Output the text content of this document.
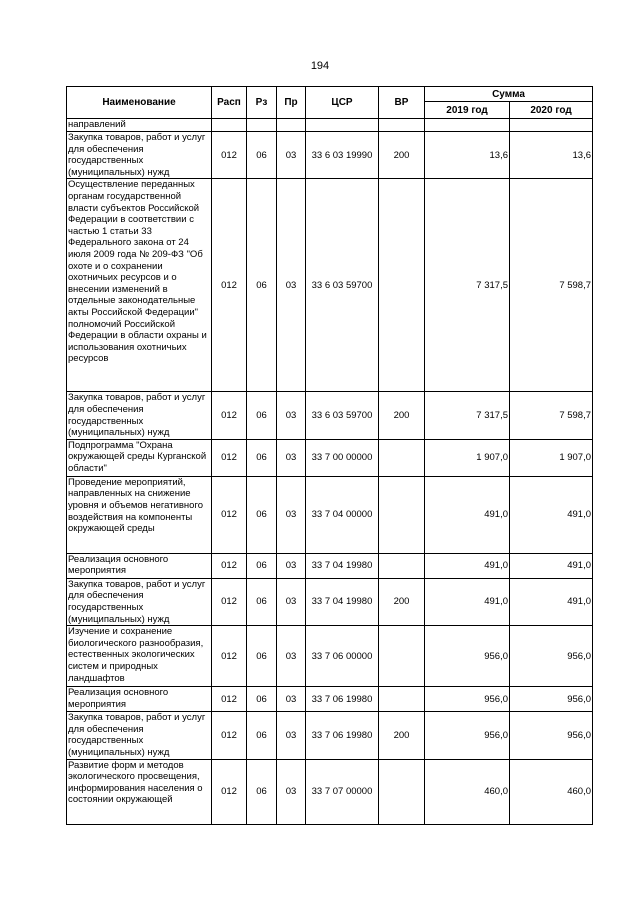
194
Наименование	Расп	Рз	Пр	ЦСР	ВР	Сумма	
						2019 год	2020 год
направлений							
Закупка товаров, работ и услуг для обеспечения государственных (муниципальных) нужд	012	06	03	33 6 03 19990	200	13,6	13,6
Осуществление переданных органам государственной власти субъектов Российской Федерации в соответствии с частью 1 статьи 33 Федерального закона от 24 июля 2009 года № 209-ФЗ "Об охоте и о сохранении охотничьих ресурсов и о внесении изменений в отдельные законодательные акты Российской Федерации" полномочий Российской Федерации в области охраны и использования охотничьих ресурсов	012	06	03	33 6 03 59700		7 317,5	7 598,7
Закупка товаров, работ и услуг для обеспечения государственных (муниципальных) нужд	012	06	03	33 6 03 59700	200	7 317,5	7 598,7
Подпрограмма "Охрана окружающей среды Курганской области"	012	06	03	33 7 00 00000		1 907,0	1 907,0
Проведение мероприятий, направленных на снижение уровня и объемов негативного воздействия на компоненты окружающей среды	012	06	03	33 7 04 00000		491,0	491,0
Реализация основного мероприятия	012	06	03	33 7 04 19980		491,0	491,0
Закупка товаров, работ и услуг для обеспечения государственных (муниципальных) нужд	012	06	03	33 7 04 19980	200	491,0	491,0
Изучение и сохранение биологического разнообразия, естественных экологических систем и природных ландшафтов	012	06	03	33 7 06 00000		956,0	956,0
Реализация основного мероприятия	012	06	03	33 7 06 19980		956,0	956,0
Закупка товаров, работ и услуг для обеспечения государственных (муниципальных) нужд	012	06	03	33 7 06 19980	200	956,0	956,0
Развитие форм и методов экологического просвещения, информирования населения о состоянии окружающей	012	06	03	33 7 07 00000		460,0	460,0
